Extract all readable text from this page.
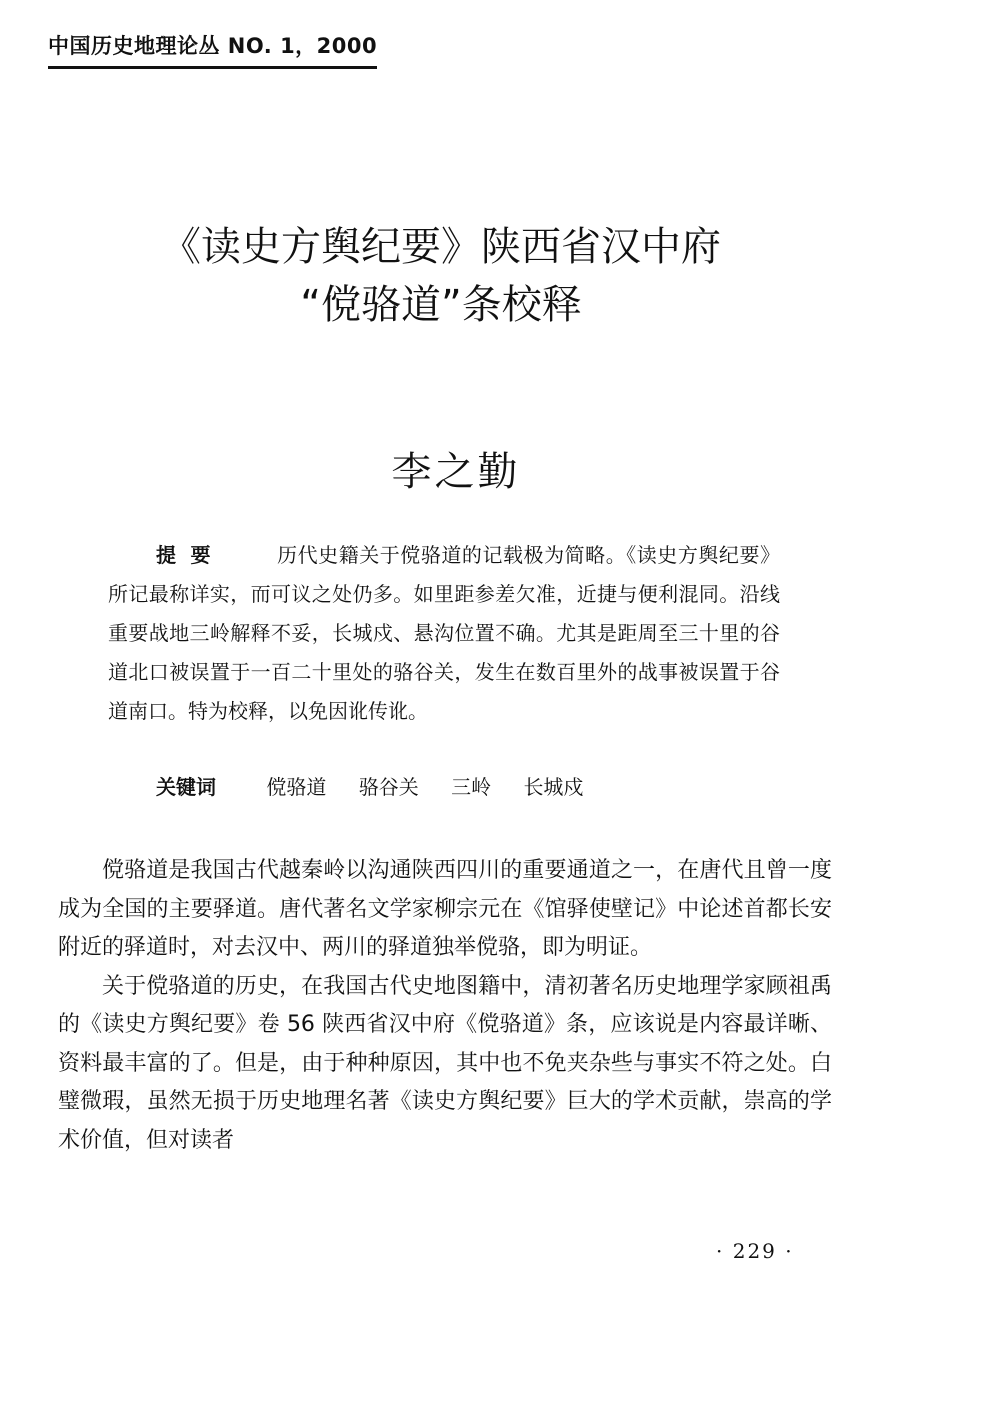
中国历史地理论丛 NO. 1，2000
《读史方舆纪要》陕西省汉中府
“傥骆道”条校释
李之勤
提要	历代史籍关于傥骆道的记载极为简略。《读史方舆纪要》所记最称详实，而可议之处仍多。如里距参差欠准，近捷与便利混同。沿线重要战地三岭解释不妥，长城戍、悬沟位置不确。尤其是距周至三十里的谷道北口被误置于一百二十里处的骆谷关，发生在数百里外的战事被误置于谷道南口。特为校释，以免因讹传讹。
关键词	傥骆道 骆谷关 三岭 长城戍

傥骆道是我国古代越秦岭以沟通陕西四川的重要通道之一，在唐代且曾一度成为全国的主要驿道。唐代著名文学家柳宗元在《馆驿使壁记》中论述首都长安附近的驿道时，对去汉中、两川的驿道独举傥骆，即为明证。

关于傥骆道的历史，在我国古代史地图籍中，清初著名历史地理学家顾祖禹的《读史方舆纪要》卷 56 陕西省汉中府《傥骆道》条，应该说是内容最详晰、资料最丰富的了。但是，由于种种原因，其中也不免夹杂些与事实不符之处。白璧微瑕，虽然无损于历史地理名著《读史方舆纪要》巨大的学术贡献，崇高的学术价值，但对读者

· 229 ·
